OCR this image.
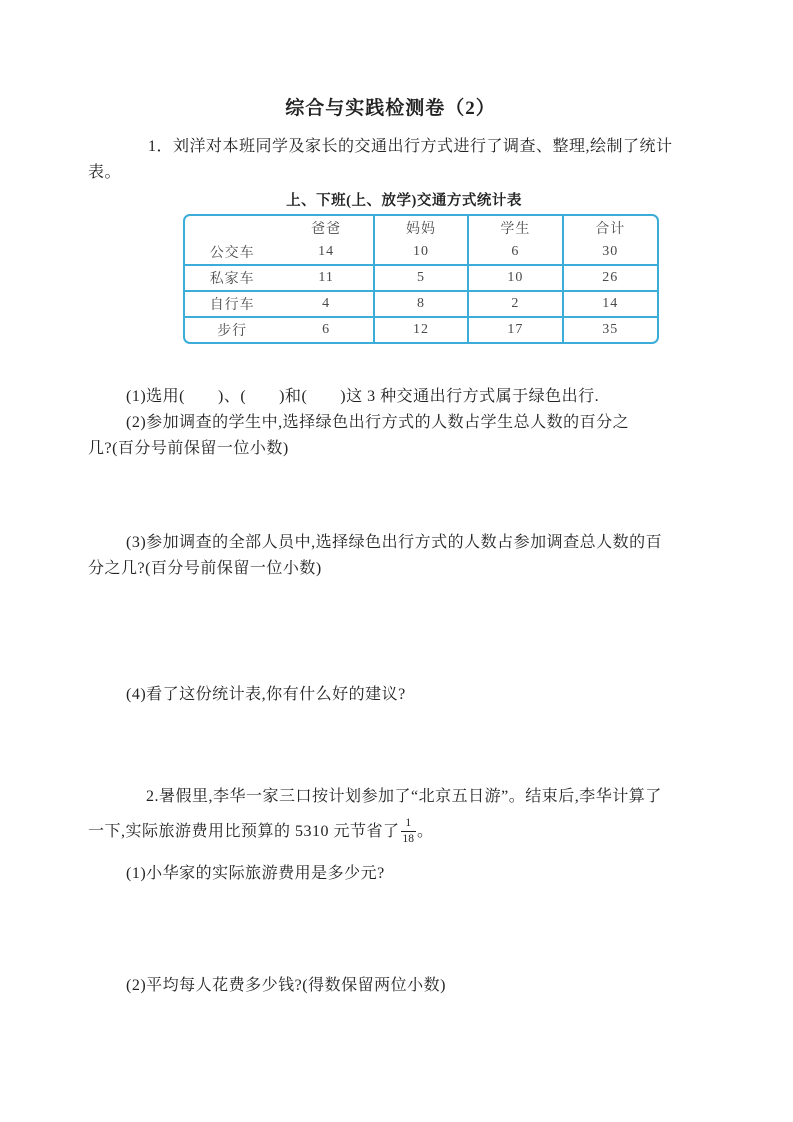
综合与实践检测卷（2）

1．刘洋对本班同学及家长的交通出行方式进行了调查、整理,绘制了统计表。

上、下班(上、放学)交通方式统计表
	爸爸	妈妈	学生	合计
公交车	14	10	6	30
私家车	11	5	10	26
自行车	4	8	2	14
步行	6	12	17	35

(1)选用(　　)、(　　)和(　　)这 3 种交通出行方式属于绿色出行.

(2)参加调查的学生中,选择绿色出行方式的人数占学生总人数的百分之

几?(百分号前保留一位小数)

(3)参加调查的全部人员中,选择绿色出行方式的人数占参加调查总人数的百

分之几?(百分号前保留一位小数)

(4)看了这份统计表,你有什么好的建议?

2.暑假里,李华一家三口按计划参加了“北京五日游”。结束后,李华计算了

一下,实际旅游费用比预算的 5310 元节省了 $\frac{1}{18}$ 。

(1)小华家的实际旅游费用是多少元?

(2)平均每人花费多少钱?(得数保留两位小数)
